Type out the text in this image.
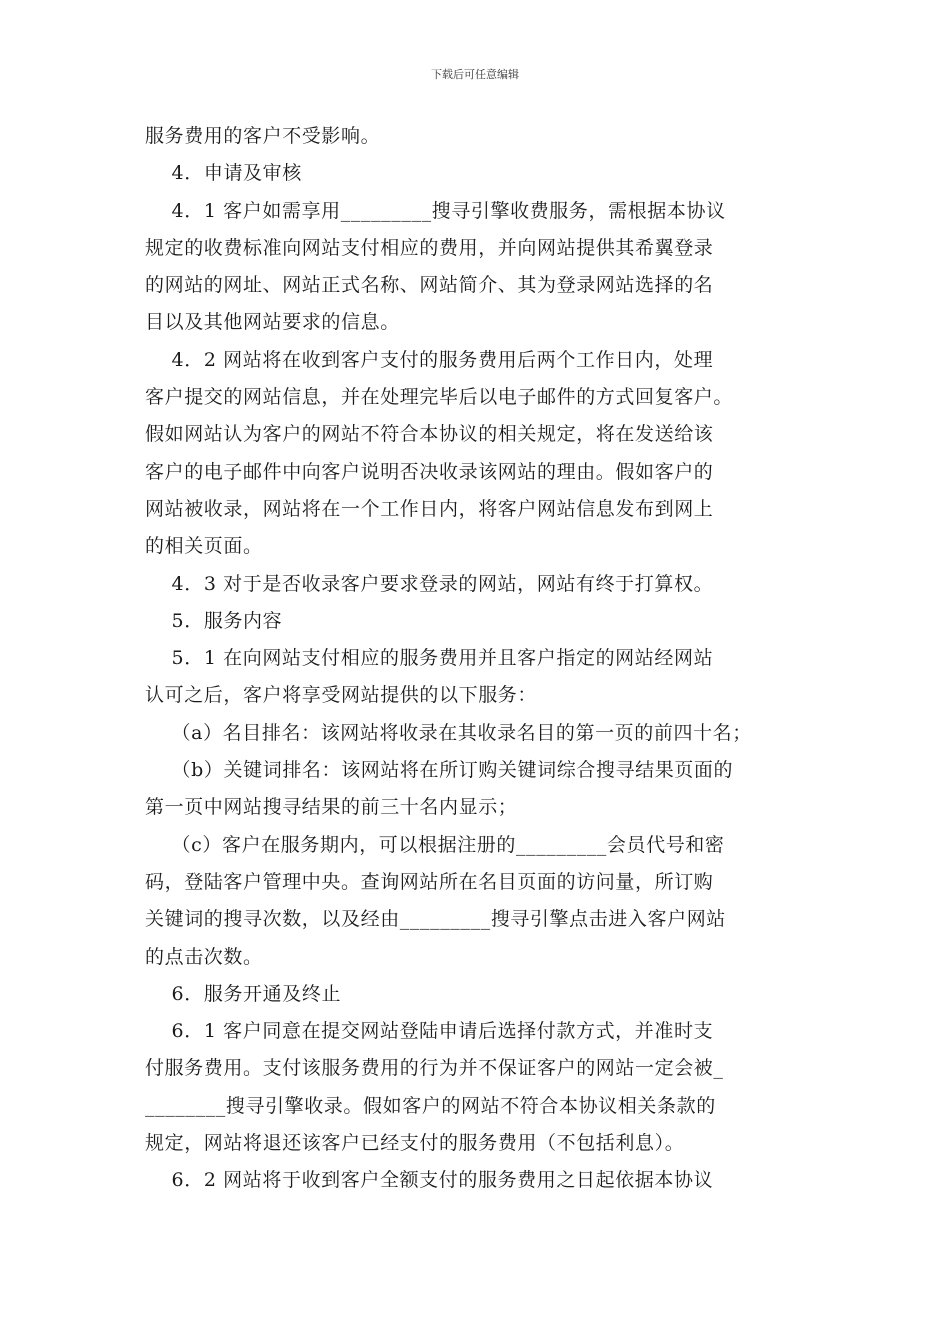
下载后可任意编辑
服务费用的客户不受影响。
4．申请及审核
4．1 客户如需享用_________搜寻引擎收费服务，需根据本协议
规定的收费标准向网站支付相应的费用，并向网站提供其希翼登录
的网站的网址、网站正式名称、网站简介、其为登录网站选择的名
目以及其他网站要求的信息。
4．2 网站将在收到客户支付的服务费用后两个工作日内，处理
客户提交的网站信息，并在处理完毕后以电子邮件的方式回复客户。
假如网站认为客户的网站不符合本协议的相关规定，将在发送给该
客户的电子邮件中向客户说明否决收录该网站的理由。假如客户的
网站被收录，网站将在一个工作日内，将客户网站信息发布到网上
的相关页面。
4．3 对于是否收录客户要求登录的网站，网站有终于打算权。
5．服务内容
5．1 在向网站支付相应的服务费用并且客户指定的网站经网站
认可之后，客户将享受网站提供的以下服务：
（a）名目排名：该网站将收录在其收录名目的第一页的前四十名；
（b）关键词排名：该网站将在所订购关键词综合搜寻结果页面的
第一页中网站搜寻结果的前三十名内显示；
（c）客户在服务期内，可以根据注册的_________会员代号和密
码，登陆客户管理中央。查询网站所在名目页面的访问量，所订购
关键词的搜寻次数，以及经由_________搜寻引擎点击进入客户网站
的点击次数。
6．服务开通及终止
6．1 客户同意在提交网站登陆申请后选择付款方式，并准时支
付服务费用。支付该服务费用的行为并不保证客户的网站一定会被_
________搜寻引擎收录。假如客户的网站不符合本协议相关条款的
规定，网站将退还该客户已经支付的服务费用（不包括利息）。
6．2 网站将于收到客户全额支付的服务费用之日起依据本协议
